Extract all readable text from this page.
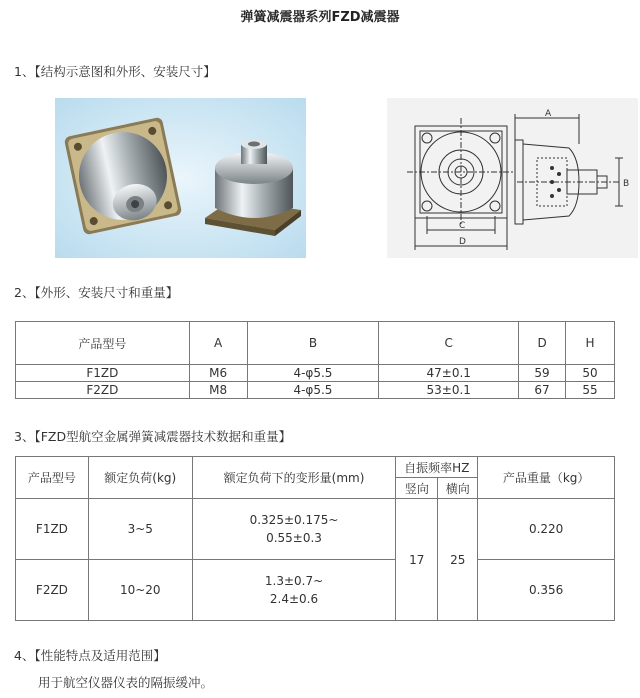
弹簧减震器系列FZD减震器
1、【结构示意图和外形、安装尺寸】
C
D
A
B
2、【外形、安装尺寸和重量】
产品型号	A	B	C	D	H
F1ZD	M6	4-φ5.5	47±0.1	59	50
F2ZD	M8	4-φ5.5	53±0.1	67	55
3、【FZD型航空金属弹簧减震器技术数据和重量】
产品型号	额定负荷(kg)	额定负荷下的变形量(mm)	自振频率HZ		产品重量（kg）
			竖向	横向	
F1ZD	3~5	0.325±0.175~
0.55±0.3	17	25	0.220
F2ZD	10~20	1.3±0.7~
2.4±0.6			0.356
4、【性能特点及适用范围】
用于航空仪器仪表的隔振缓冲。
